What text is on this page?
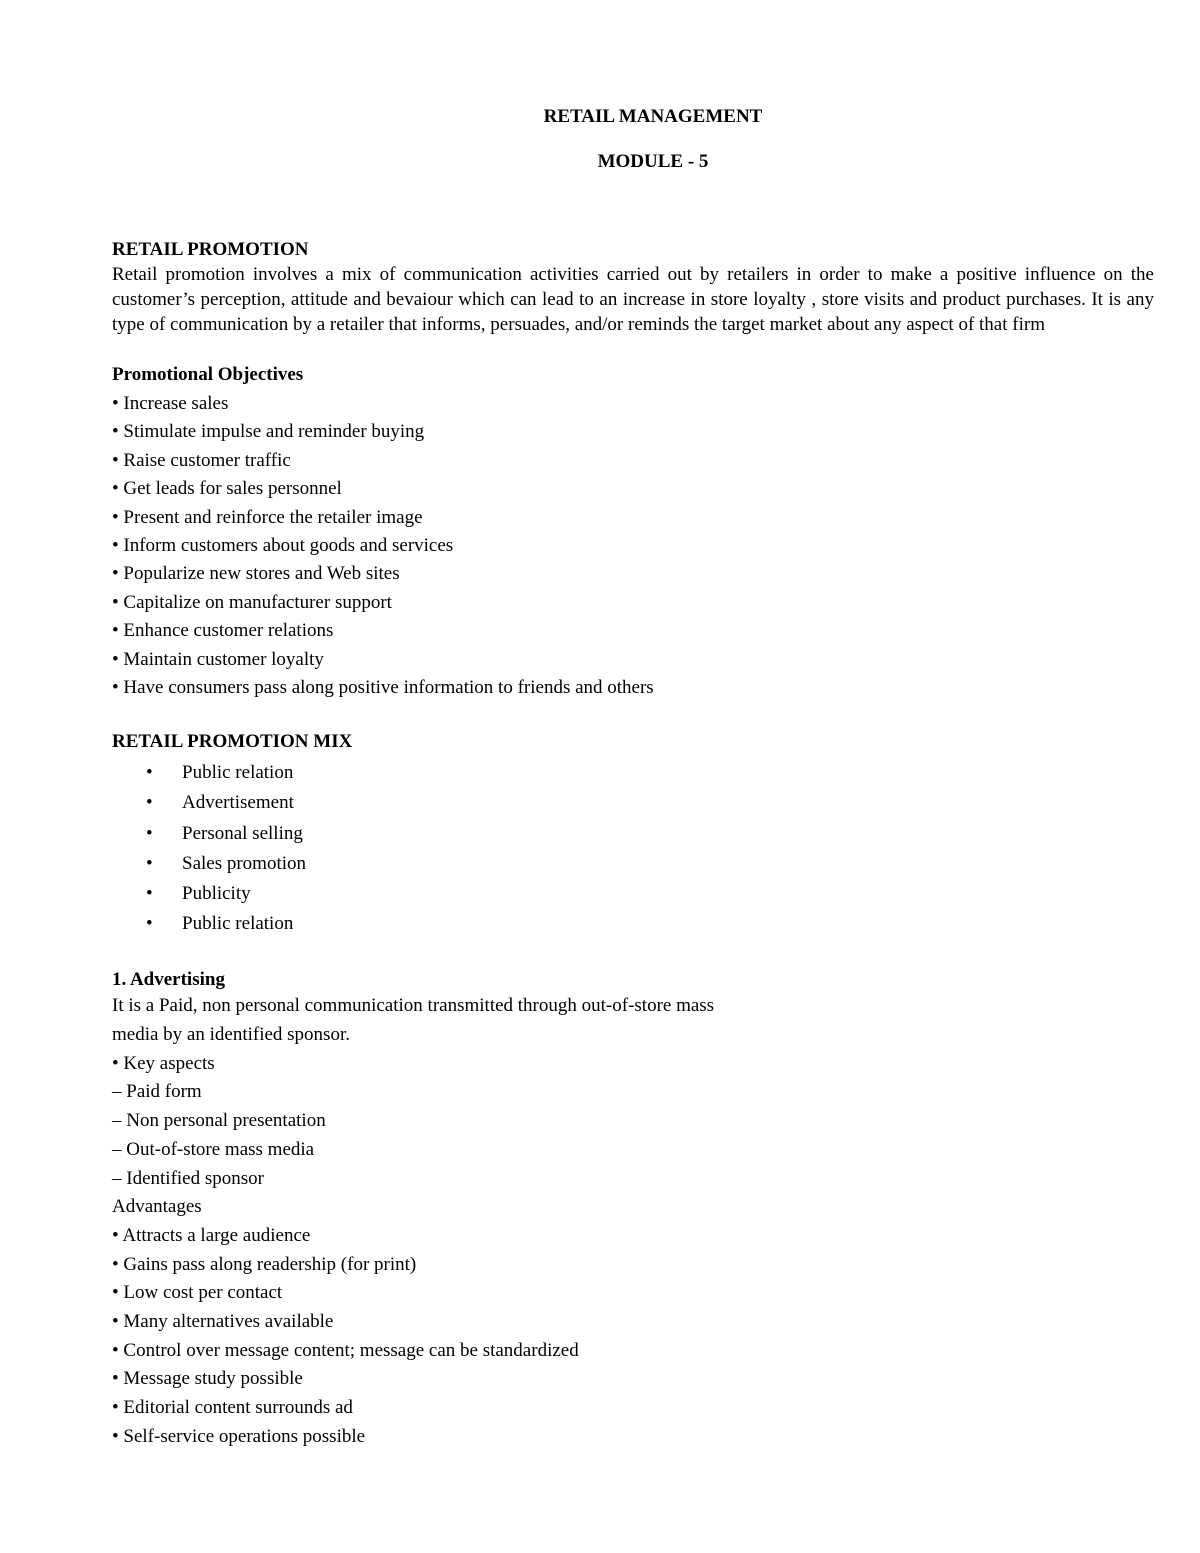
RETAIL MANAGEMENT

MODULE - 5

RETAIL PROMOTION

Retail promotion involves a mix of communication activities carried out by retailers in order to make a positive influence on the customer’s perception, attitude and bevaiour which can lead to an increase in store loyalty , store visits and product purchases. It is any type of communication by a retailer that informs, persuades, and/or reminds the target market about any aspect of that firm

Promotional Objectives

• Increase sales

• Stimulate impulse and reminder buying

• Raise customer traffic

• Get leads for sales personnel

• Present and reinforce the retailer image

• Inform customers about goods and services

• Popularize new stores and Web sites

• Capitalize on manufacturer support

• Enhance customer relations

• Maintain customer loyalty

• Have consumers pass along positive information to friends and others

RETAIL PROMOTION MIX
• Public relation
• Advertisement
• Personal selling
• Sales promotion
• Publicity
• Public relation
1. Advertising

It is a Paid, non personal communication transmitted through out-of-store mass

media by an identified sponsor.

• Key aspects

– Paid form

– Non personal presentation

– Out-of-store mass media

– Identified sponsor

Advantages

• Attracts a large audience

• Gains pass along readership (for print)

• Low cost per contact

• Many alternatives available

• Control over message content; message can be standardized

• Message study possible

• Editorial content surrounds ad

• Self-service operations possible
